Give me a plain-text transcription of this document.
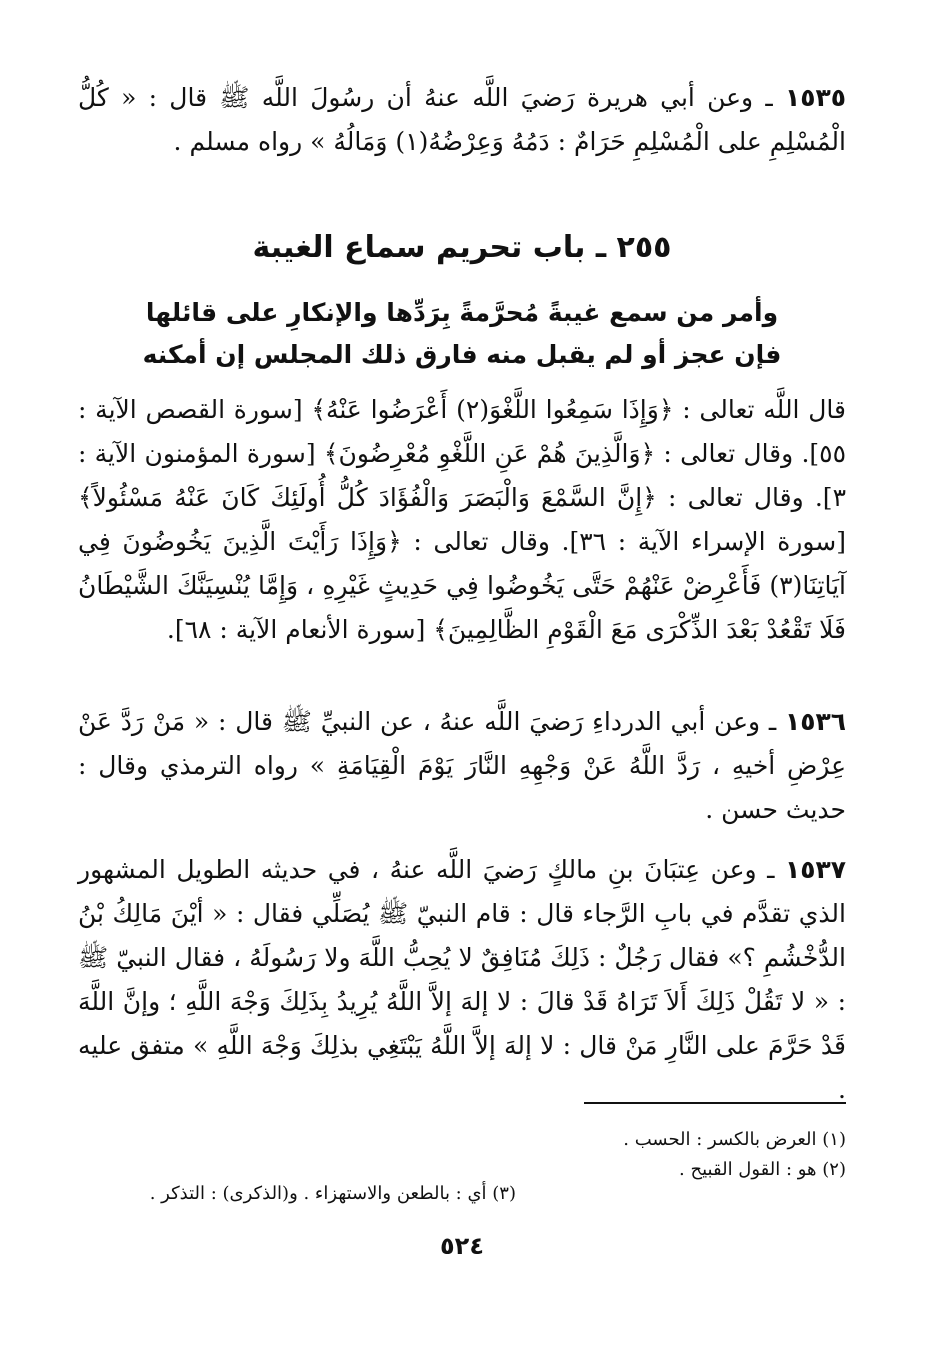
١٥٣٥ ـ وعن أبي هريرة رَضيَ اللَّه عنهُ أن رسُولَ اللَّه ﷺ قال : « كُلُّ الْمُسْلِمِ على الْمُسْلِمِ حَرَامٌ : دَمُهُ وَعِرْضُهُ(١) وَمَالُهُ » رواه مسلم .

٢٥٥ ـ باب تحريم سماع الغيبة
وأمر من سمع غيبةً مُحرَّمةً بِرَدِّها والإنكارِ على قائلها
فإن عجز أو لم يقبل منه فارق ذلك المجلس إن أمكنه

قال اللَّه تعالى : ﴿وَإِذَا سَمِعُوا اللَّغْوَ(٢) أَعْرَضُوا عَنْهُ﴾ [سورة القصص الآية : ٥٥]. وقال تعالى : ﴿وَالَّذِينَ هُمْ عَنِ اللَّغْوِ مُعْرِضُونَ﴾ [سورة المؤمنون الآية : ٣]. وقال تعالى : ﴿إِنَّ السَّمْعَ وَالْبَصَرَ وَالْفُؤَادَ كُلُّ أُولَئِكَ كَانَ عَنْهُ مَسْئُولاً﴾ [سورة الإسراء الآية : ٣٦]. وقال تعالى : ﴿وَإِذَا رَأَيْتَ الَّذِينَ يَخُوضُونَ فِي آيَاتِنَا(٣) فَأَعْرِضْ عَنْهُمْ حَتَّى يَخُوضُوا فِي حَدِيثٍ غَيْرِهِ ، وَإِمَّا يُنْسِيَنَّكَ الشَّيْطَانُ فَلَا تَقْعُدْ بَعْدَ الذِّكْرَى مَعَ الْقَوْمِ الظَّالِمِينَ﴾ [سورة الأنعام الآية : ٦٨].

١٥٣٦ ـ وعن أبي الدرداءِ رَضيَ اللَّه عنهُ ، عن النبيِّ ﷺ قال : « مَنْ رَدَّ عَنْ عِرْضِ أخيهِ ، رَدَّ اللَّهُ عَنْ وَجْهِهِ النَّارَ يَوْمَ الْقِيَامَةِ » رواه الترمذي وقال : حديث حسن .

١٥٣٧ ـ وعن عِتبَانَ بنِ مالكٍ رَضيَ اللَّه عنهُ ، في حديثه الطويل المشهور الذي تقدَّم في بابِ الرَّجاء قال : قام النبيّ ﷺ يُصَلِّي فقال : « أيْنَ مَالِكُ بْنُ الدُّخْشُمِ ؟» فقال رَجُلٌ : ذَلِكَ مُنَافِقٌ لا يُحِبُّ اللَّهَ ولا رَسُولَهُ ، فقال النبيّ ﷺ : « لا تَقُلْ ذَلِكَ أَلاَ تَرَاهُ قَدْ قالَ : لا إلهَ إلاَّ اللَّهُ يُرِيدُ بِذَلِكَ وَجْهَ اللَّهِ ؛ وإنَّ اللَّهَ قَدْ حَرَّمَ على النَّارِ مَنْ قال : لا إلهَ إلاَّ اللَّهُ يَبْتَغِي بذلِكَ وَجْهَ اللَّهِ » متفق عليه .

(١) العرض بالكسر : الحسب .
(٢) هو : القول القبيح .
(٣) أي : بالطعن والاستهزاء . و(الذكرى) : التذكر .
٥٢٤
